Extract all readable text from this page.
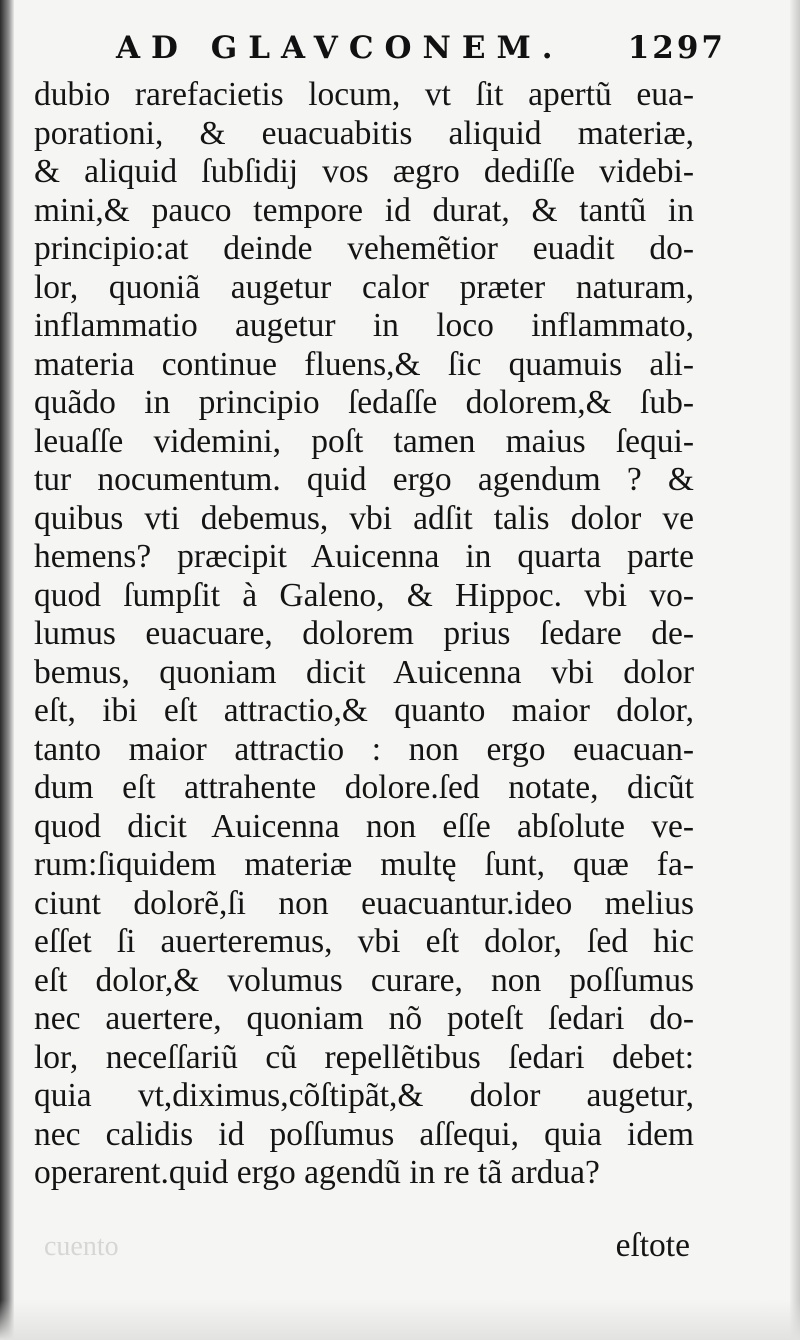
AD GLAVCONEM. 1297
dubio rarefacietis locum, vt ſit apertũ eua-
porationi, & euacuabitis aliquid materiæ,
& aliquid ſubſidij vos ægro dediſſe videbi-
mini,& pauco tempore id durat, & tantũ in
principio:at deinde vehemẽtior euadit do-
lor, quoniã augetur calor præter naturam,
inflammatio augetur in loco inflammato,
materia continue fluens,& ſic quamuis ali-
quãdo in principio ſedaſſe dolorem,& ſub-
leuaſſe videmini, poſt tamen maius ſequi-
tur nocumentum. quid ergo agendum ? &
quibus vti debemus, vbi adſit talis dolor ve
hemens? præcipit Auicenna in quarta parte
quod ſumpſit à Galeno, & Hippoc. vbi vo-
lumus euacuare, dolorem prius ſedare de-
bemus, quoniam dicit Auicenna vbi dolor
eſt, ibi eſt attractio,& quanto maior dolor,
tanto maior attractio : non ergo euacuan-
dum eſt attrahente dolore.ſed notate, dicũt
quod dicit Auicenna non eſſe abſolute ve-
rum:ſiquidem materiæ multę ſunt, quæ fa-
ciunt dolorẽ,ſi non euacuantur.ideo melius
eſſet ſi auerteremus, vbi eſt dolor, ſed hic
eſt dolor,& volumus curare, non poſſumus
nec auertere, quoniam nõ poteſt ſedari do-
lor, neceſſariũ cũ repellẽtibus ſedari debet:
quia vt,diximus,cõſtipãt,& dolor augetur,
nec calidis id poſſumus aſſequi, quia idem
operarent.quid ergo agendũ in re tã ardua?
cuento	eſtote
